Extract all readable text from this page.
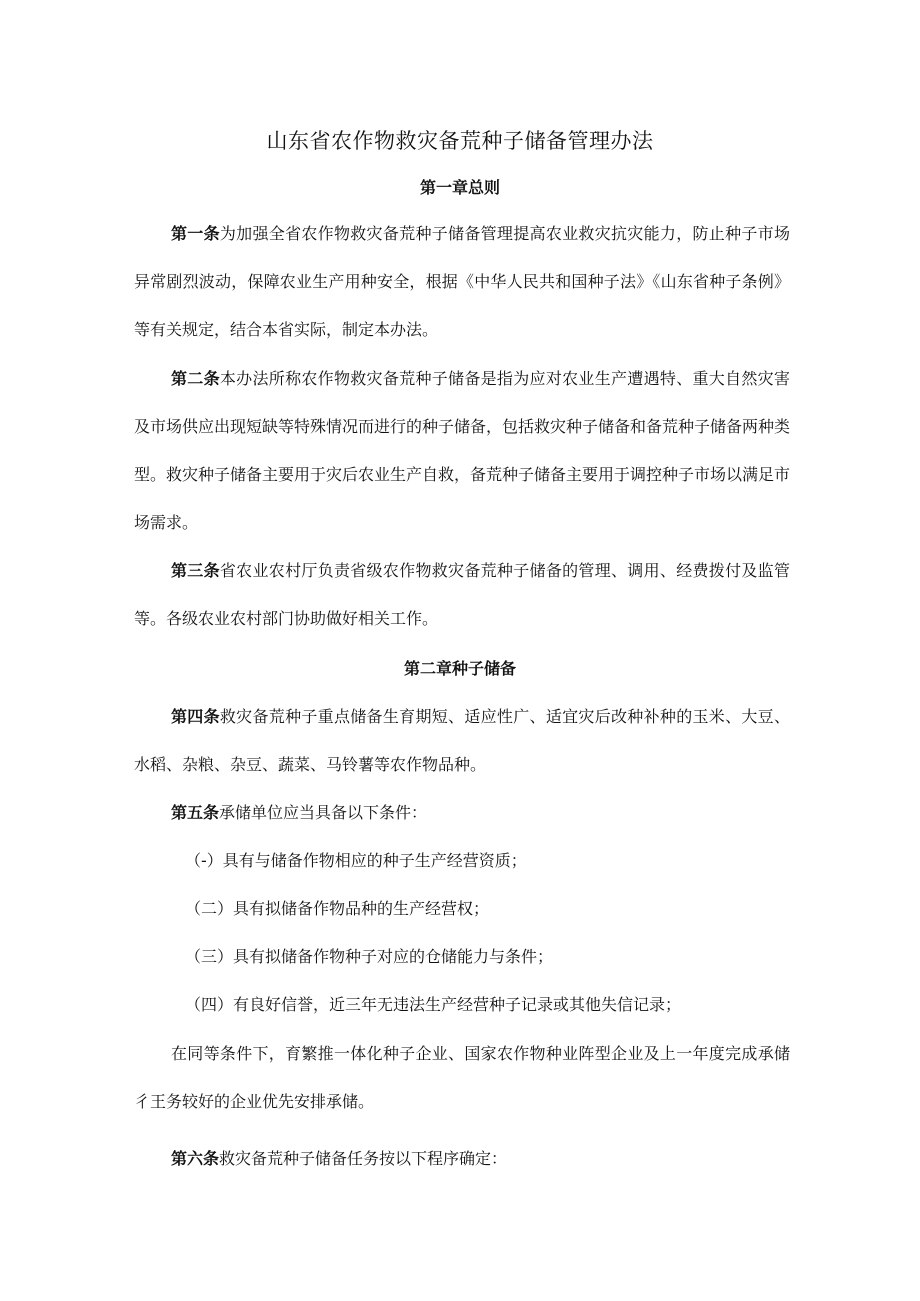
山东省农作物救灾备荒种子储备管理办法
第一章总则

第一条为加强全省农作物救灾备荒种子储备管理提高农业救灾抗灾能力，防止种子市场异常剧烈波动，保障农业生产用种安全，根据《中华人民共和国种子法》《山东省种子条例》等有关规定，结合本省实际，制定本办法。

第二条本办法所称农作物救灾备荒种子储备是指为应对农业生产遭遇特、重大自然灾害及市场供应出现短缺等特殊情况而进行的种子储备，包括救灾种子储备和备荒种子储备两种类型。救灾种子储备主要用于灾后农业生产自救，备荒种子储备主要用于调控种子市场以满足市场需求。

第三条省农业农村厅负责省级农作物救灾备荒种子储备的管理、调用、经费拨付及监管等。各级农业农村部门协助做好相关工作。

第二章种子储备

第四条救灾备荒种子重点储备生育期短、适应性广、适宜灾后改种补种的玉米、大豆、水稻、杂粮、杂豆、蔬菜、马铃薯等农作物品种。

第五条承储单位应当具备以下条件：

（-）具有与储备作物相应的种子生产经营资质；

（二）具有拟储备作物品种的生产经营权；

（三）具有拟储备作物种子对应的仓储能力与条件；

（四）有良好信誉，近三年无违法生产经营种子记录或其他失信记录；

在同等条件下，育繁推一体化种子企业、国家农作物种业阵型企业及上一年度完成承储彳王务较好的企业优先安排承储。

第六条救灾备荒种子储备任务按以下程序确定：
